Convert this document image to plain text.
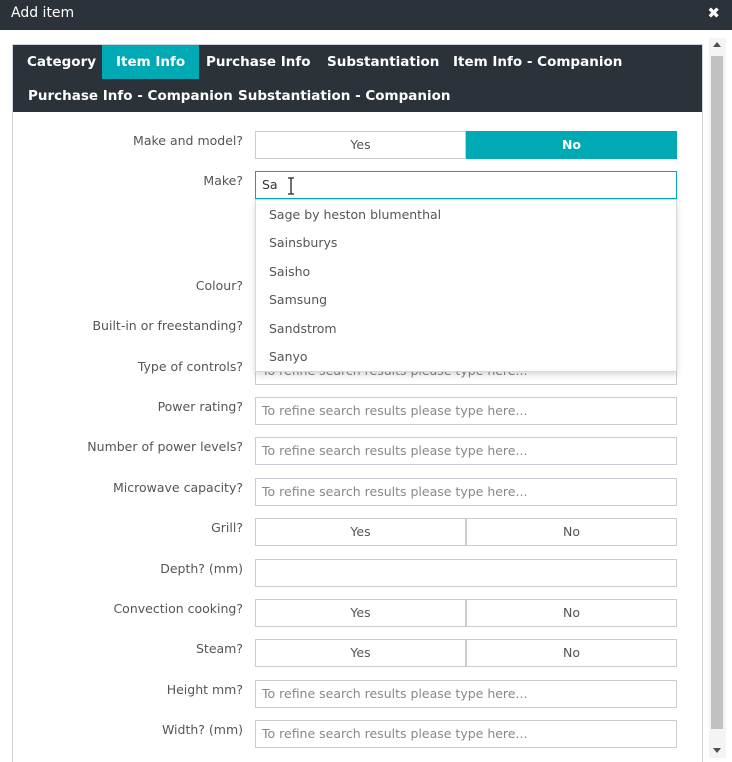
Add item	✖
Category	Item Info	Purchase Info	Substantiation	Item Info - Companion
Purchase Info - Companion Substantiation - Companion
Make and model?	Yes	No
Make?	Sa
Colour?
Built-in or freestanding?
Type of controls?
Power rating?	To refine search results please type here...
Number of power levels?	To refine search results please type here...
Microwave capacity?	To refine search results please type here...
Grill?	Yes	No
Depth? (mm)
Convection cooking?	Yes	No
Steam?	Yes	No
Height mm?	To refine search results please type here...
Width? (mm)	To refine search results please type here...
Sage by heston blumenthal
Sainsburys
Saisho
Samsung
Sandstrom
Sanyo
